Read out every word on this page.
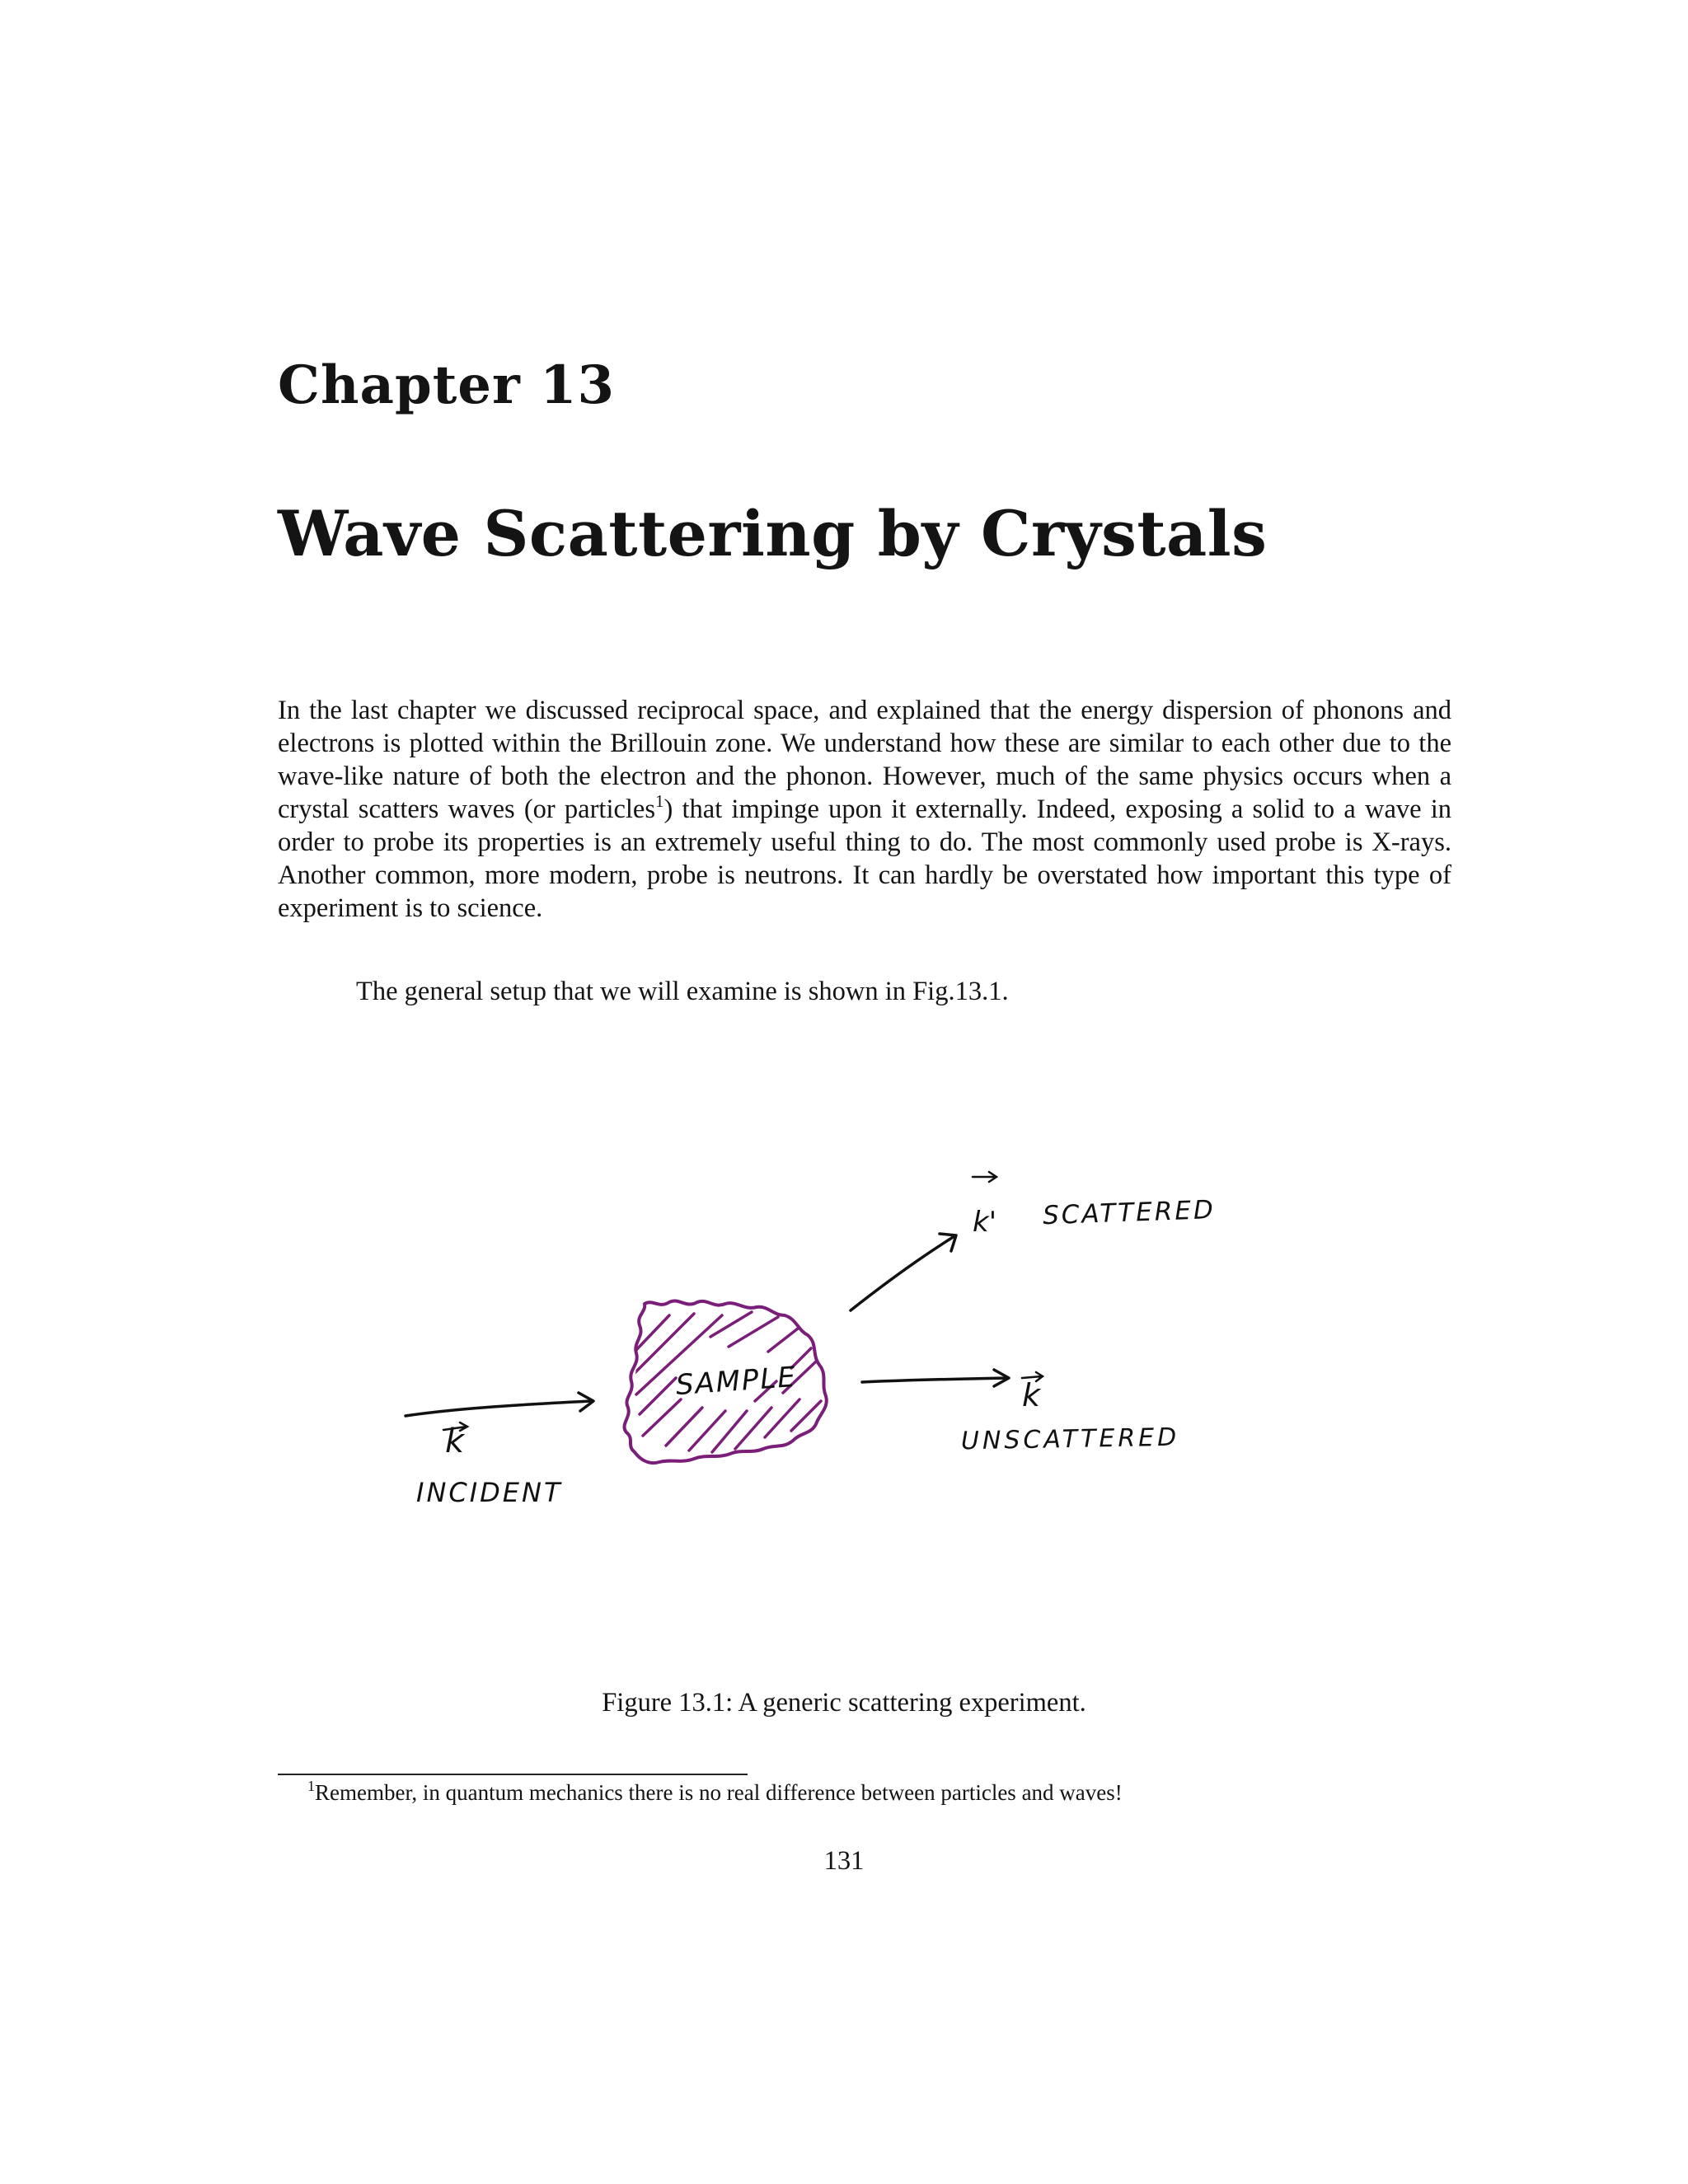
Chapter 13
Wave Scattering by Crystals

In the last chapter we discussed reciprocal space, and explained that the energy dispersion of phonons and electrons is plotted within the Brillouin zone. We understand how these are similar to each other due to the wave-like nature of both the electron and the phonon. However, much of the same physics occurs when a crystal scatters waves (or particles$^1$) that impinge upon it externally. Indeed, exposing a solid to a wave in order to probe its properties is an extremely useful thing to do. The most commonly used probe is X-rays. Another common, more modern, probe is neutrons. It can hardly be overstated how important this type of experiment is to science.

The general setup that we will examine is shown in Fig.13.1.

SAMPLE
k
INCIDENT
k' SCATTERED
k
UNSCATTERED

Figure 13.1: A generic scattering experiment.

$^1$Remember, in quantum mechanics there is no real difference between particles and waves!

131
